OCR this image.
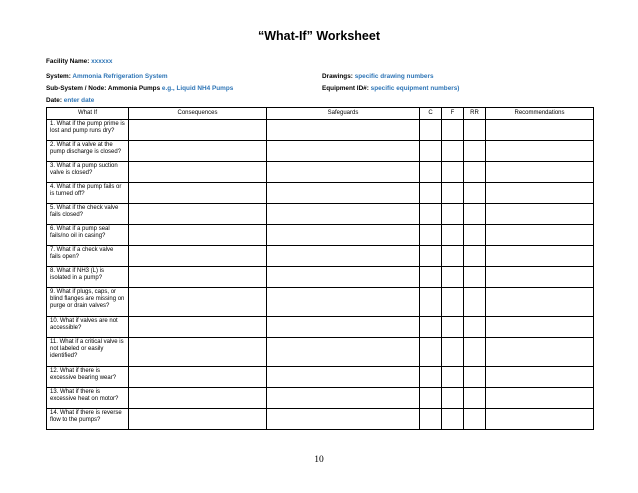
“What-If” Worksheet
Facility Name: xxxxxx
System: Ammonia Refrigeration System	Drawings: specific drawing numbers
Sub-System / Node: Ammonia Pumps e.g., Liquid NH4 Pumps	Equipment ID#: specific equipment numbers)
Date: enter date
What If	Consequences	Safeguards	C	F	RR	Recommendations
1. What if the pump prime is lost and pump runs dry?						
2. What if a valve at the pump discharge is closed?						
3. What if a pump suction valve is closed?						
4. What if the pump fails or is turned off?						
5. What if the check valve fails closed?						
6. What if a pump seal fails/no oil in casing?						
7. What if a check valve fails open?						
8. What if NH3 (L) is isolated in a pump?						
9. What if plugs, caps, or blind flanges are missing on purge or drain valves?						
10. What if valves are not accessible?						
11. What if a critical valve is not labeled or easily identified?						
12. What if there is excessive bearing wear?						
13. What if there is excessive heat on motor?						
14. What if there is reverse flow to the pumps?						
10
